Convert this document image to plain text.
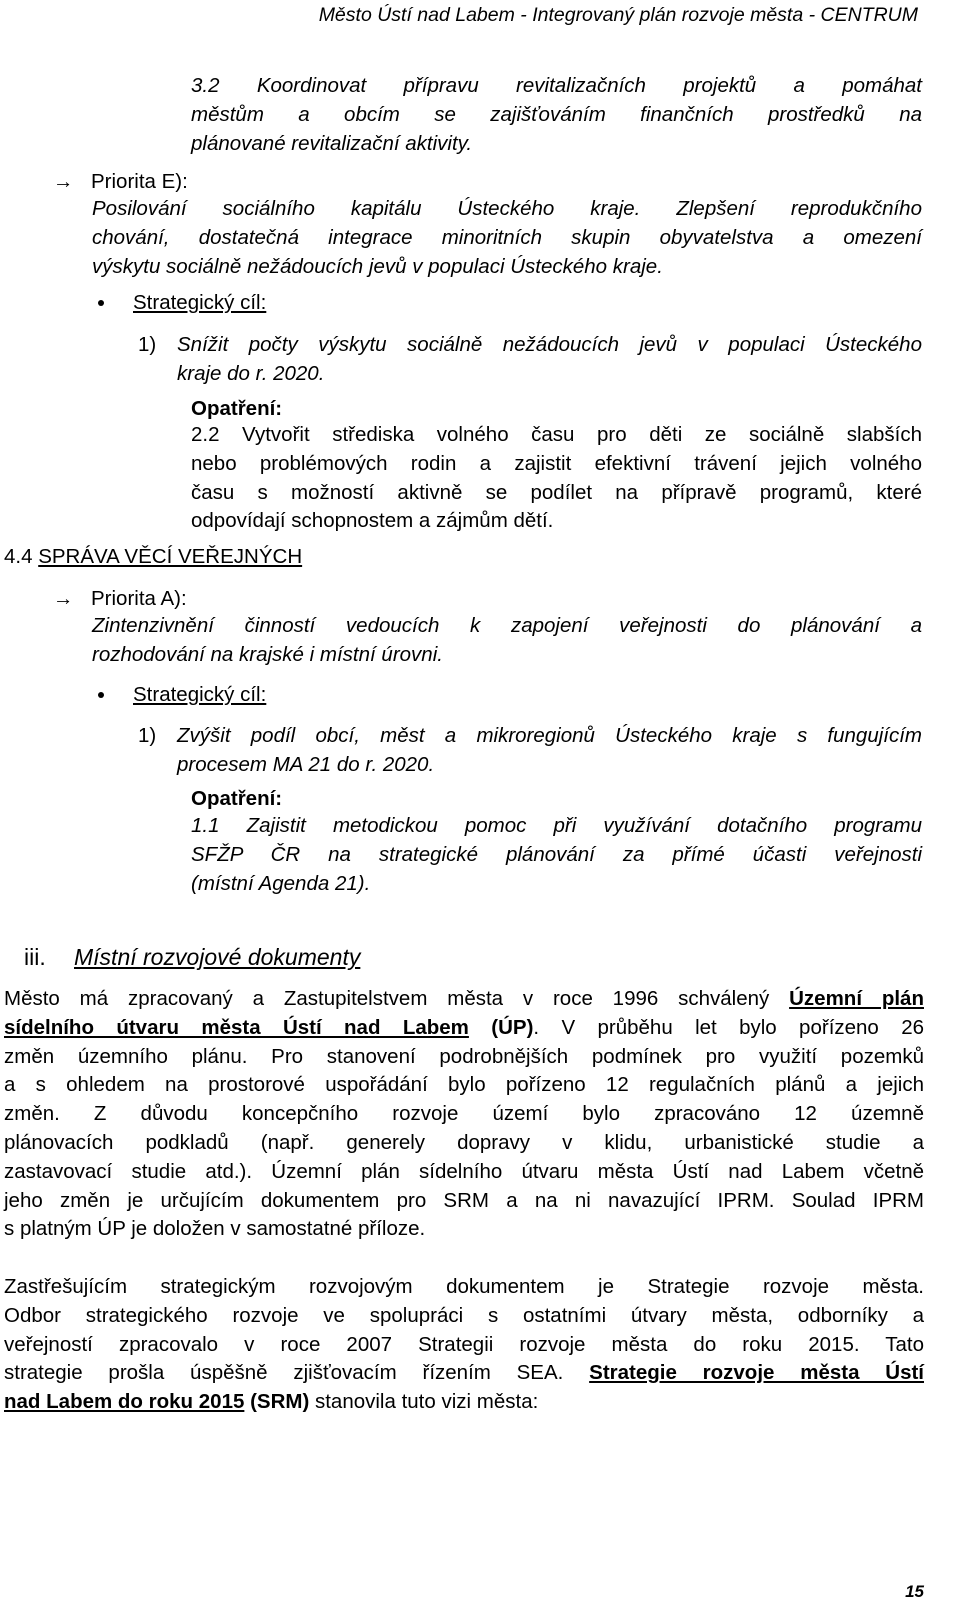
Město Ústí nad Labem - Integrovaný plán rozvoje města - CENTRUM

3.2 Koordinovat přípravu revitalizačních projektů a pomáhat

městům a obcím se zajišťováním finančních prostředků na

plánované revitalizační aktivity.

→ Priorita E):

Posilování sociálního kapitálu Ústeckého kraje. Zlepšení reprodukčního

chování, dostatečná integrace minoritních skupin obyvatelstva a omezení

výskytu sociálně nežádoucích jevů v populaci Ústeckého kraje.

Strategický cíl:
1) Snížit počty výskytu sociálně nežádoucích jevů v populaci Ústeckého

kraje do r. 2020.

Opatření:

2.2 Vytvořit střediska volného času pro děti ze sociálně slabších

nebo problémových rodin a zajistit efektivní trávení jejich volného

času s možností aktivně se podílet na přípravě programů, které

odpovídají schopnostem a zájmům dětí.

4.4 SPRÁVA VĚCÍ VEŘEJNÝCH
→ Priorita A):

Zintenzivnění činností vedoucích k zapojení veřejnosti do plánování a

rozhodování na krajské i místní úrovni.

Strategický cíl:
1) Zvýšit podíl obcí, měst a mikroregionů Ústeckého kraje s fungujícím

procesem MA 21 do r. 2020.

Opatření:

1.1 Zajistit metodickou pomoc při využívání dotačního programu

SFŽP ČR na strategické plánování za přímé účasti veřejnosti

(místní Agenda 21).

iii. Místní rozvojové dokumenty

Město má zpracovaný a Zastupitelstvem města v roce 1996 schválený Územní plán

sídelního útvaru města Ústí nad Labem (ÚP). V průběhu let bylo pořízeno 26

změn územního plánu. Pro stanovení podrobnějších podmínek pro využití pozemků

a s ohledem na prostorové uspořádání bylo pořízeno 12 regulačních plánů a jejich

změn. Z důvodu koncepčního rozvoje území bylo zpracováno 12 územně

plánovacích podkladů (např. generely dopravy v klidu, urbanistické studie a

zastavovací studie atd.). Územní plán sídelního útvaru města Ústí nad Labem včetně

jeho změn je určujícím dokumentem pro SRM a na ni navazující IPRM. Soulad IPRM

s platným ÚP je doložen v samostatné příloze.

Zastřešujícím strategickým rozvojovým dokumentem je Strategie rozvoje města.

Odbor strategického rozvoje ve spolupráci s ostatními útvary města, odborníky a

veřejností zpracovalo v roce 2007 Strategii rozvoje města do roku 2015. Tato

strategie prošla úspěšně zjišťovacím řízením SEA. Strategie rozvoje města Ústí

nad Labem do roku 2015 (SRM) stanovila tuto vizi města:

15
